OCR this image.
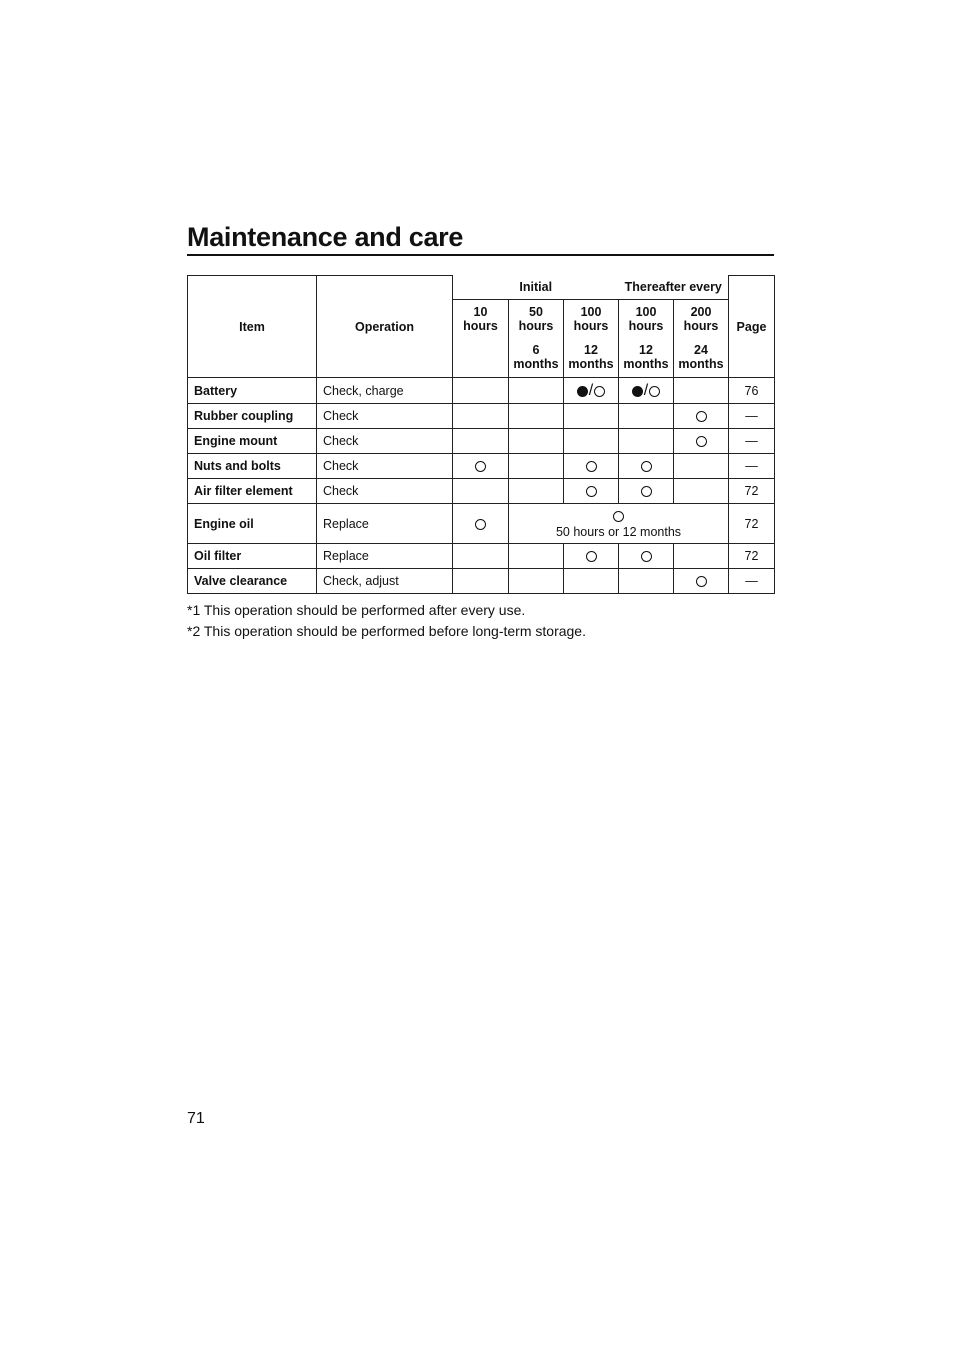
Maintenance and care
Item	Operation	Initial			Thereafter every		Page
		10 hours	50 hours	100 hours	100 hours	200 hours	
			6 months	12 months	12 months	24 months	
Battery	Check, charge			/	/		76
Rubber coupling	Check						—
Engine mount	Check						—
Nuts and bolts	Check						—
Air filter element	Check						72
Engine oil	Replace		50 hours or 12 months				72
Oil filter	Replace						72
Valve clearance	Check, adjust						—
*1 This operation should be performed after every use.
*2 This operation should be performed before long-term storage.
71
